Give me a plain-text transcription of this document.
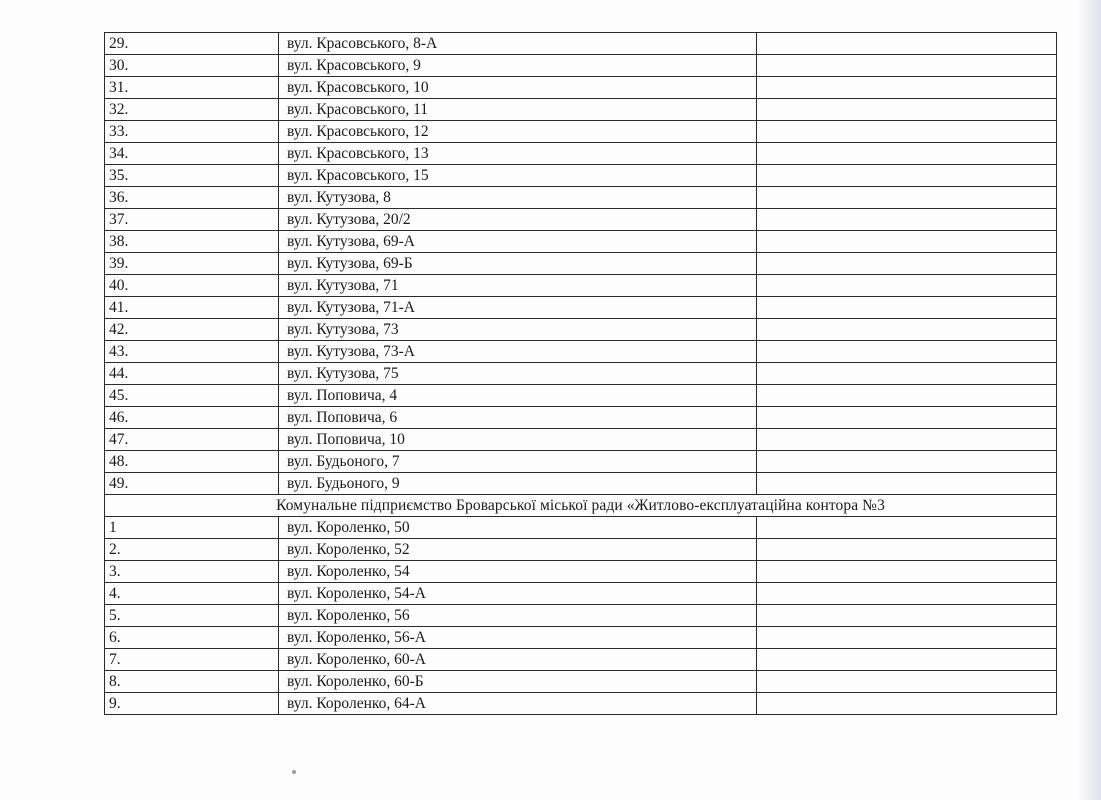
29.	вул. Красовського, 8-А	
30.	вул. Красовського, 9	
31.	вул. Красовського, 10	
32.	вул. Красовського, 11	
33.	вул. Красовського, 12	
34.	вул. Красовського, 13	
35.	вул. Красовського, 15	
36.	вул. Кутузова, 8	
37.	вул. Кутузова, 20/2	
38.	вул. Кутузова, 69-А	
39.	вул. Кутузова, 69-Б	
40.	вул. Кутузова, 71	
41.	вул. Кутузова, 71-А	
42.	вул. Кутузова, 73	
43.	вул. Кутузова, 73-А	
44.	вул. Кутузова, 75	
45.	вул. Поповича, 4	
46.	вул. Поповича, 6	
47.	вул. Поповича, 10	
48.	вул. Будьоного, 7	
49.	вул. Будьоного, 9	
Комунальне підприємство Броварської міської ради «Житлово-експлуатаційна контора №3		
1	вул. Короленко, 50	
2.	вул. Короленко, 52	
3.	вул. Короленко, 54	
4.	вул. Короленко, 54-А	
5.	вул. Короленко, 56	
6.	вул. Короленко, 56-А	
7.	вул. Короленко, 60-А	
8.	вул. Короленко, 60-Б	
9.	вул. Короленко, 64-А	
